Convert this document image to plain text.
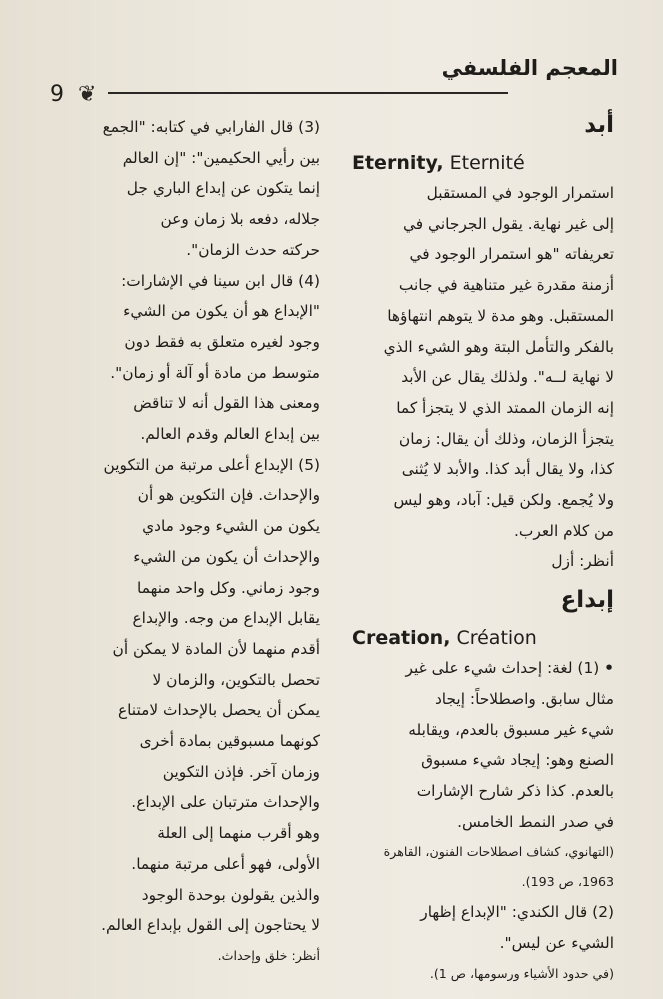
9 ❦
المعجم الفلسفي

أبد

Eternity, Eternité

استمرار الوجود في المستقبل

إلى غير نهاية. يقول الجرجاني في

تعريفاته "هو استمرار الوجود في

أزمنة مقدرة غير متناهية في جانب

المستقبل. وهو مدة لا يتوهم انتهاؤها

بالفكر والتأمل البتة وهو الشيء الذي

لا نهاية لــه". ولذلك يقال عن الأبد

إنه الزمان الممتد الذي لا يتجزأ كما

يتجزأ الزمان، وذلك أن يقال: زمان

كذا، ولا يقال أبد كذا. والأبد لا يُثنى

ولا يُجمع. ولكن قيل: آباد، وهو ليس

من كلام العرب.

أنظر: أزل

إبداع

Creation, Création

• (1) لغة: إحداث شيء على غير

مثال سابق. واصطلاحاً: إيجاد

شيء غير مسبوق بالعدم، ويقابله

الصنع وهو: إيجاد شيء مسبوق

بالعدم. كذا ذكر شارح الإشارات

في صدر النمط الخامس.

(التهانوي، كشاف اصطلاحات الفنون، القاهرة

1963، ص 193).

(2) قال الكندي: "الإبداع إظهار

الشيء عن ليس".

(في حدود الأشياء ورسومها، ص 1).

(3) قال الفارابي في كتابه: "الجمع

بين رأيي الحكيمين": "إن العالم

إنما يتكون عن إبداع الباري جل

جلاله، دفعه بلا زمان وعن

حركته حدث الزمان".

(4) قال ابن سينا في الإشارات:

"الإبداع هو أن يكون من الشيء

وجود لغيره متعلق به فقط دون

متوسط من مادة أو آلة أو زمان".

ومعنى هذا القول أنه لا تناقض

بين إبداع العالم وقدم العالم.

(5) الإبداع أعلى مرتبة من التكوين

والإحداث. فإن التكوين هو أن

يكون من الشيء وجود مادي

والإحداث أن يكون من الشيء

وجود زماني. وكل واحد منهما

يقابل الإبداع من وجه. والإبداع

أقدم منهما لأن المادة لا يمكن أن

تحصل بالتكوين، والزمان لا

يمكن أن يحصل بالإحداث لامتناع

كونهما مسبوقين بمادة أخرى

وزمان آخر. فإذن التكوين

والإحداث مترتبان على الإبداع.

وهو أقرب منهما إلى العلة

الأولى، فهو أعلى مرتبة منهما.

والذين يقولون بوحدة الوجود

لا يحتاجون إلى القول بإبداع العالم.

أنظر: خلق وإحداث.
